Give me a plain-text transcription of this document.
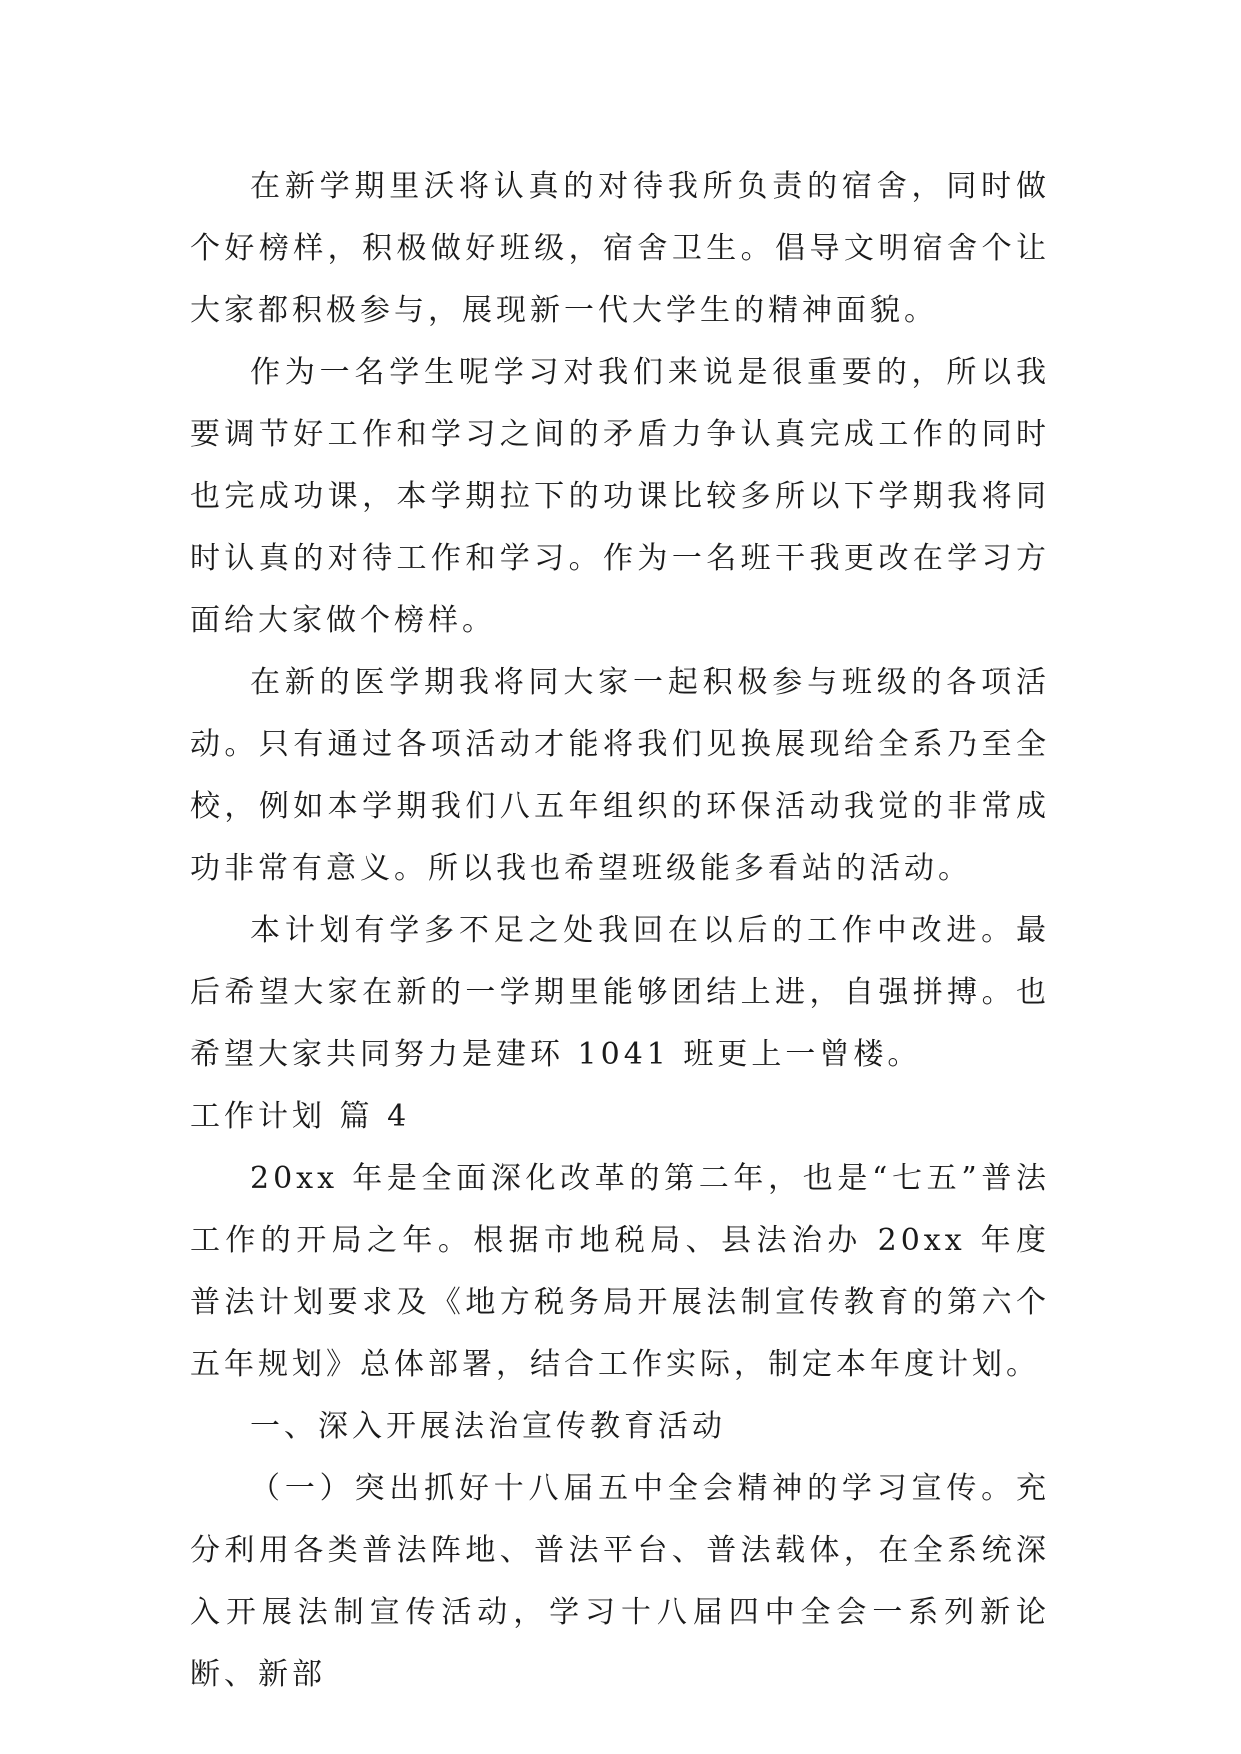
在新学期里沃将认真的对待我所负责的宿舍，同时做个好榜样，积极做好班级，宿舍卫生。倡导文明宿舍个让大家都积极参与，展现新一代大学生的精神面貌。

作为一名学生呢学习对我们来说是很重要的，所以我要调节好工作和学习之间的矛盾力争认真完成工作的同时也完成功课，本学期拉下的功课比较多所以下学期我将同时认真的对待工作和学习。作为一名班干我更改在学习方面给大家做个榜样。

在新的医学期我将同大家一起积极参与班级的各项活动。只有通过各项活动才能将我们见换展现给全系乃至全校，例如本学期我们八五年组织的环保活动我觉的非常成功非常有意义。所以我也希望班级能多看站的活动。

本计划有学多不足之处我回在以后的工作中改进。最后希望大家在新的一学期里能够团结上进，自强拼搏。也希望大家共同努力是建环 1041 班更上一曾楼。

工作计划 篇 4

20xx 年是全面深化改革的第二年，也是“七五”普法工作的开局之年。根据市地税局、县法治办 20xx 年度普法计划要求及《地方税务局开展法制宣传教育的第六个五年规划》总体部署，结合工作实际，制定本年度计划。

一、深入开展法治宣传教育活动

（一）突出抓好十八届五中全会精神的学习宣传。充分利用各类普法阵地、普法平台、普法载体，在全系统深入开展法制宣传活动，学习十八届四中全会一系列新论断、新部
